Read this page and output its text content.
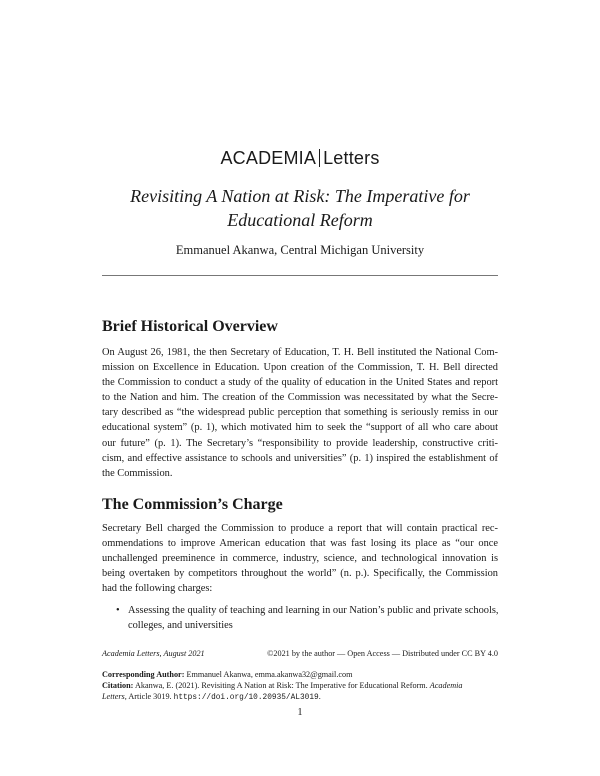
ACADEMIA Letters
Revisiting A Nation at Risk: The Imperative for
Educational Reform
Emmanuel Akanwa, Central Michigan University
Brief Historical Overview

On August 26, 1981, the then Secretary of Education, T. H. Bell instituted the National Com-
mission on Excellence in Education. Upon creation of the Commission, T. H. Bell directed
the Commission to conduct a study of the quality of education in the United States and report
to the Nation and him. The creation of the Commission was necessitated by what the Secre-
tary described as “the widespread public perception that something is seriously remiss in our
educational system” (p. 1), which motivated him to seek the “support of all who care about
our future” (p. 1). The Secretary’s “responsibility to provide leadership, constructive criti-
cism, and effective assistance to schools and universities” (p. 1) inspired the establishment of
the Commission.

The Commission’s Charge

Secretary Bell charged the Commission to produce a report that will contain practical rec-
ommendations to improve American education that was fast losing its place as “our once
unchallenged preeminence in commerce, industry, science, and technological innovation is
being overtaken by competitors throughout the world” (n. p.). Specifically, the Commission
had the following charges:

• Assessing the quality of teaching and learning in our Nation’s public and private schools,
colleges, and universities
Academia Letters, August 2021	©2021 by the author — Open Access — Distributed under CC BY 4.0
Corresponding Author: Emmanuel Akanwa, emma.akanwa32@gmail.com
Citation: Akanwa, E. (2021). Revisiting A Nation at Risk: The Imperative for Educational Reform. Academia
Letters, Article 3019. https://doi.org/10.20935/AL3019.
1
